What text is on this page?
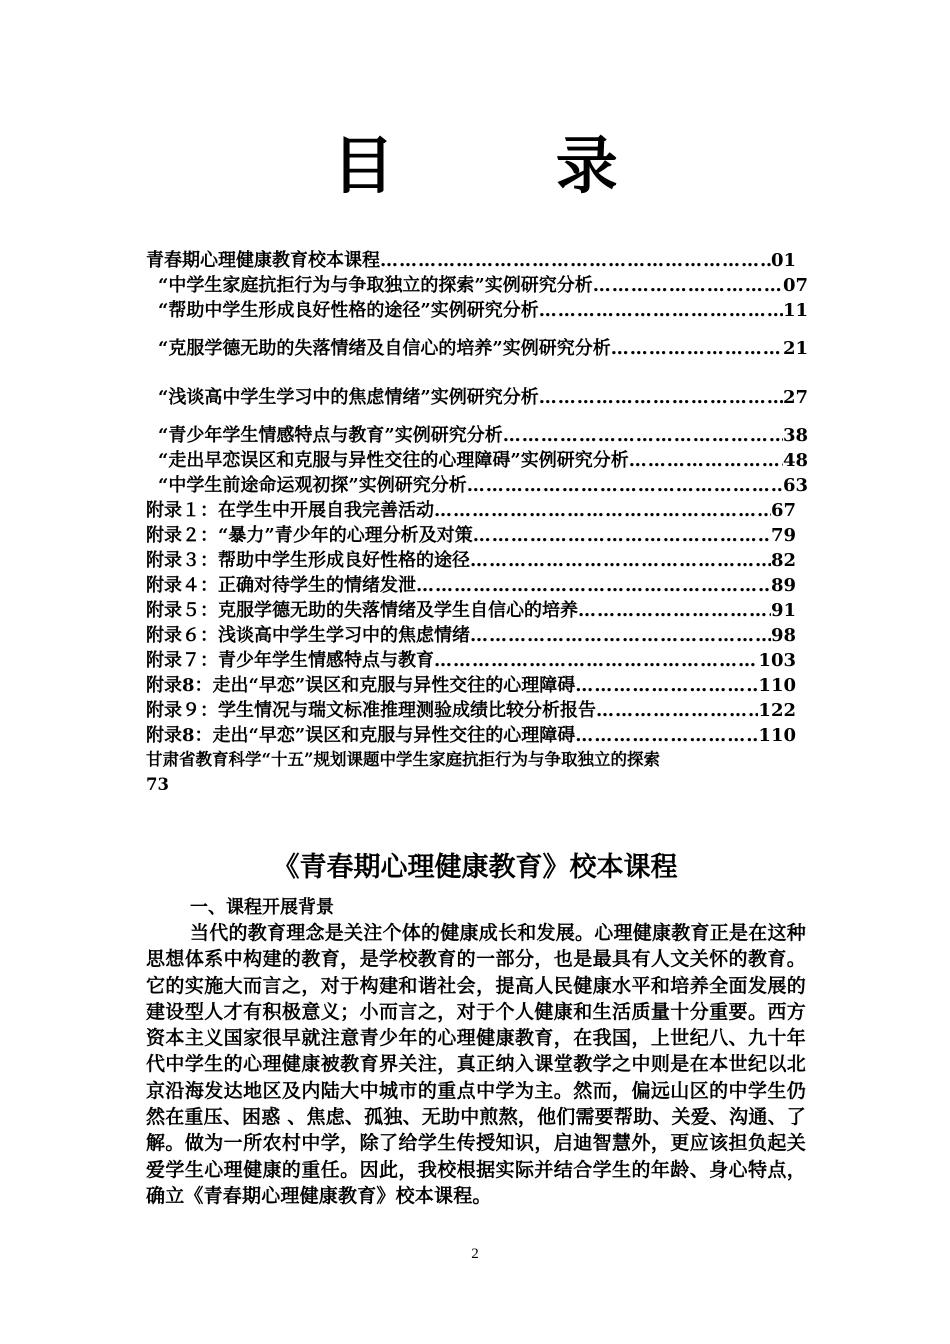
目 录
青春期心理健康教育校本课程 ………………………………………………………………………………………………………………………………	01
“中学生家庭抗拒行为与争取独立的探索”实例研究分析 ………………………………………………………………………………………………………………………………	07
“帮助中学生形成良好性格的途径”实例研究分析 ………………………………………………………………………………………………………………………………	11
“克服学德无助的失落情绪及自信心的培养”实例研究分析 ………………………………………………………………………………………………………………………………	21
“浅谈高中学生学习中的焦虑情绪”实例研究分析 ………………………………………………………………………………………………………………………………	27
“青少年学生情感特点与教育”实例研究分析 ………………………………………………………………………………………………………………………………	38
“走出早恋误区和克服与异性交往的心理障碍”实例研究分析 ………………………………………………………………………………………………………………………………	48
“中学生前途命运观初探”实例研究分析 ………………………………………………………………………………………………………………………………	63
附录１：在学生中开展自我完善活动 ………………………………………………………………………………………………………………………………	67
附录２：“暴力”青少年的心理分析及对策 ………………………………………………………………………………………………………………………………	79
附录３：帮助中学生形成良好性格的途径 ………………………………………………………………………………………………………………………………	82
附录４：正确对待学生的情绪发泄 ………………………………………………………………………………………………………………………………	89
附录５：克服学德无助的失落情绪及学生自信心的培养 ………………………………………………………………………………………………………………………………	91
附录６：浅谈高中学生学习中的焦虑情绪 ………………………………………………………………………………………………………………………………	98
附录７：青少年学生情感特点与教育 ………………………………………………………………………………………………………………………………	103
附录8：走出“早恋”误区和克服与异性交往的心理障碍 ………………………………………………………………………………………………………………………………	110
附录９：学生情况与瑞文标准推理测验成绩比较分析报告 ………………………………………………………………………………………………………………………………	122
附录8：走出“早恋”误区和克服与异性交往的心理障碍 ………………………………………………………………………………………………………………………………	110
甘肃省教育科学“十五”规划课题中学生家庭抗拒行为与争取独立的探索
73
《青春期心理健康教育》校本课程
一、课程开展背景
当代的教育理念是关注个体的健康成长和发展。心理健康教育正是在这种思想体系中构建的教育，是学校教育的一部分，也是最具有人文关怀的教育。它的实施大而言之，对于构建和谐社会，提高人民健康水平和培养全面发展的建设型人才有积极意义；小而言之，对于个人健康和生活质量十分重要。西方资本主义国家很早就注意青少年的心理健康教育，在我国，上世纪八、九十年代中学生的心理健康被教育界关注，真正纳入课堂教学之中则是在本世纪以北京沿海发达地区及内陆大中城市的重点中学为主。然而，偏远山区的中学生仍然在重压、困惑 、焦虑、孤独、无助中煎熬，他们需要帮助、关爱、沟通、了解。做为一所农村中学，除了给学生传授知识，启迪智慧外，更应该担负起关爱学生心理健康的重任。因此，我校根据实际并结合学生的年龄、身心特点，确立《青春期心理健康教育》校本课程。
2
